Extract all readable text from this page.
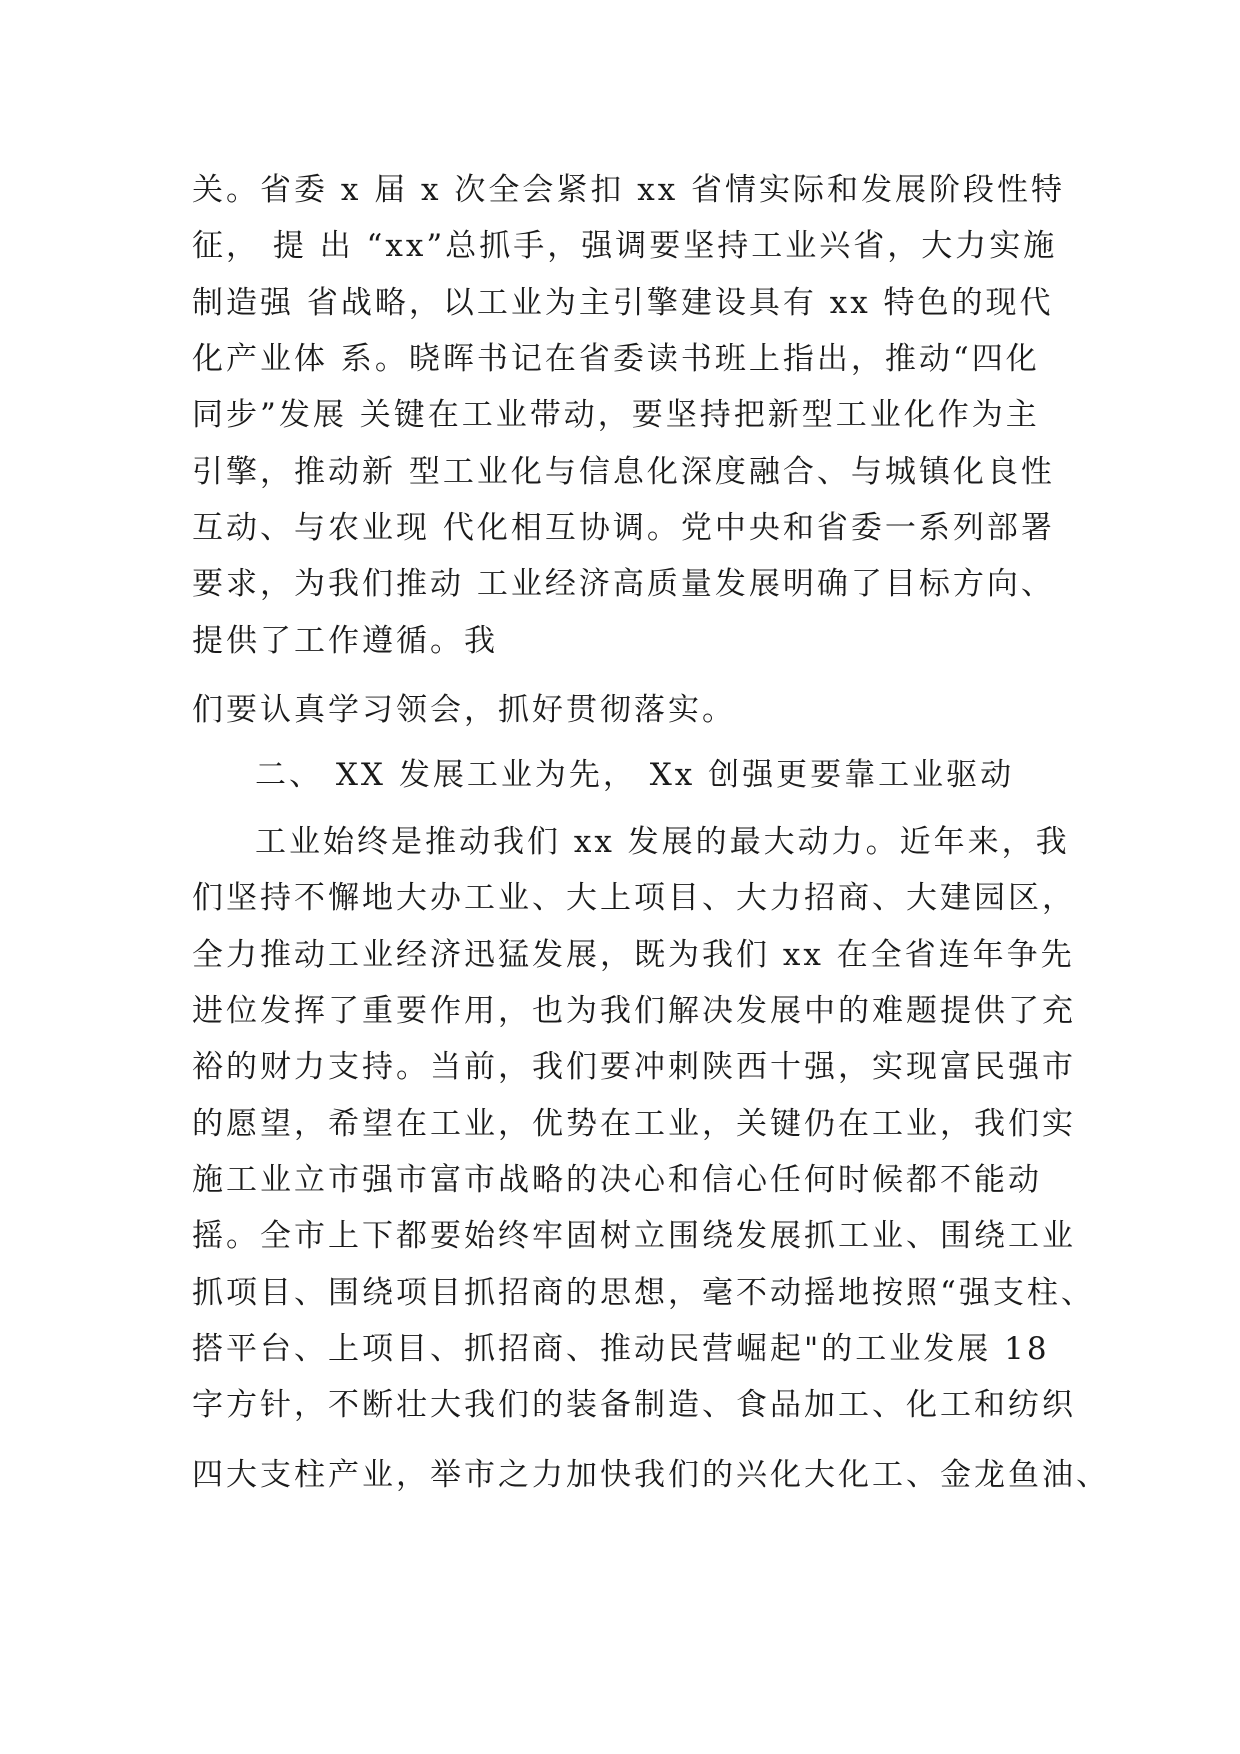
关。省委 x 届 x 次全会紧扣 xx 省情实际和发展阶段性特

征， 提 出 “xx”总抓手，强调要坚持工业兴省，大力实施

制造强 省战略，以工业为主引擎建设具有 xx 特色的现代

化产业体 系。晓晖书记在省委读书班上指出，推动“四化

同步”发展 关键在工业带动，要坚持把新型工业化作为主

引擎，推动新 型工业化与信息化深度融合、与城镇化良性

互动、与农业现 代化相互协调。党中央和省委一系列部署

要求，为我们推动 工业经济高质量发展明确了目标方向、

提供了工作遵循。我

们要认真学习领会，抓好贯彻落实。

二、 XX 发展工业为先， Xx 创强更要靠工业驱动

工业始终是推动我们 xx 发展的最大动力。近年来，我

们坚持不懈地大办工业、大上项目、大力招商、大建园区，

全力推动工业经济迅猛发展，既为我们 xx 在全省连年争先

进位发挥了重要作用，也为我们解决发展中的难题提供了充

裕的财力支持。当前，我们要冲刺陕西十强，实现富民强市

的愿望，希望在工业，优势在工业，关键仍在工业，我们实

施工业立市强市富市战略的决心和信心任何时候都不能动

摇。全市上下都要始终牢固树立围绕发展抓工业、围绕工业

抓项目、围绕项目抓招商的思想，毫不动摇地按照“强支柱、

搭平台、上项目、抓招商、推动民营崛起"的工业发展 18

字方针，不断壮大我们的装备制造、食品加工、化工和纺织

四大支柱产业，举市之力加快我们的兴化大化工、金龙鱼油、
